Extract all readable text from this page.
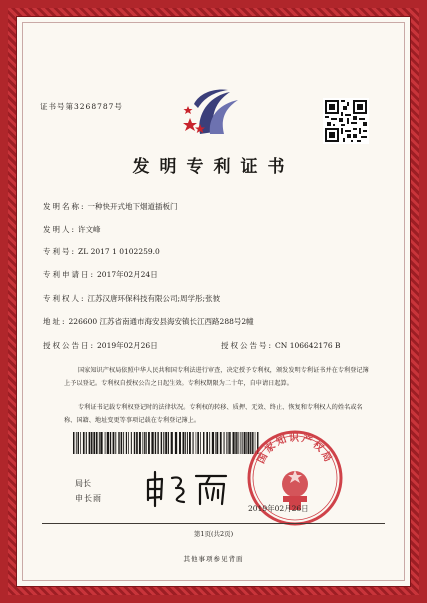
证书号第3268787号
发明专利证书
发明名称: 一种快开式地下烟道插板门
发明人: 许文峰
专利号: ZL 2017 1 0102259.0
专利申请日: 2017年02月24日
专利权人: 江苏汉唐环保科技有限公司;周学彤;张彼
地址: 226600 江苏省南通市海安县海安镇长江西路288号2幢
授权公告日: 2019年02月26日	授权公告号: CN 106642176 B
国家知识产权局依照中华人民共和国专利法进行审查，决定授予专利权，颁发发明专利证书并在专利登记簿上予以登记。专利权自授权公告之日起生效。专利权期限为二十年，自申请日起算。
专利证书记载专利权登记时的法律状况。专利权的转移、质押、无效、终止、恢复和专利权人的姓名或名称、国籍、地址变更等事项记载在专利登记簿上。
局长
申长雨
国家知识产权局
2019年02月26日
第1页(共2页)
其他事项参见背面
